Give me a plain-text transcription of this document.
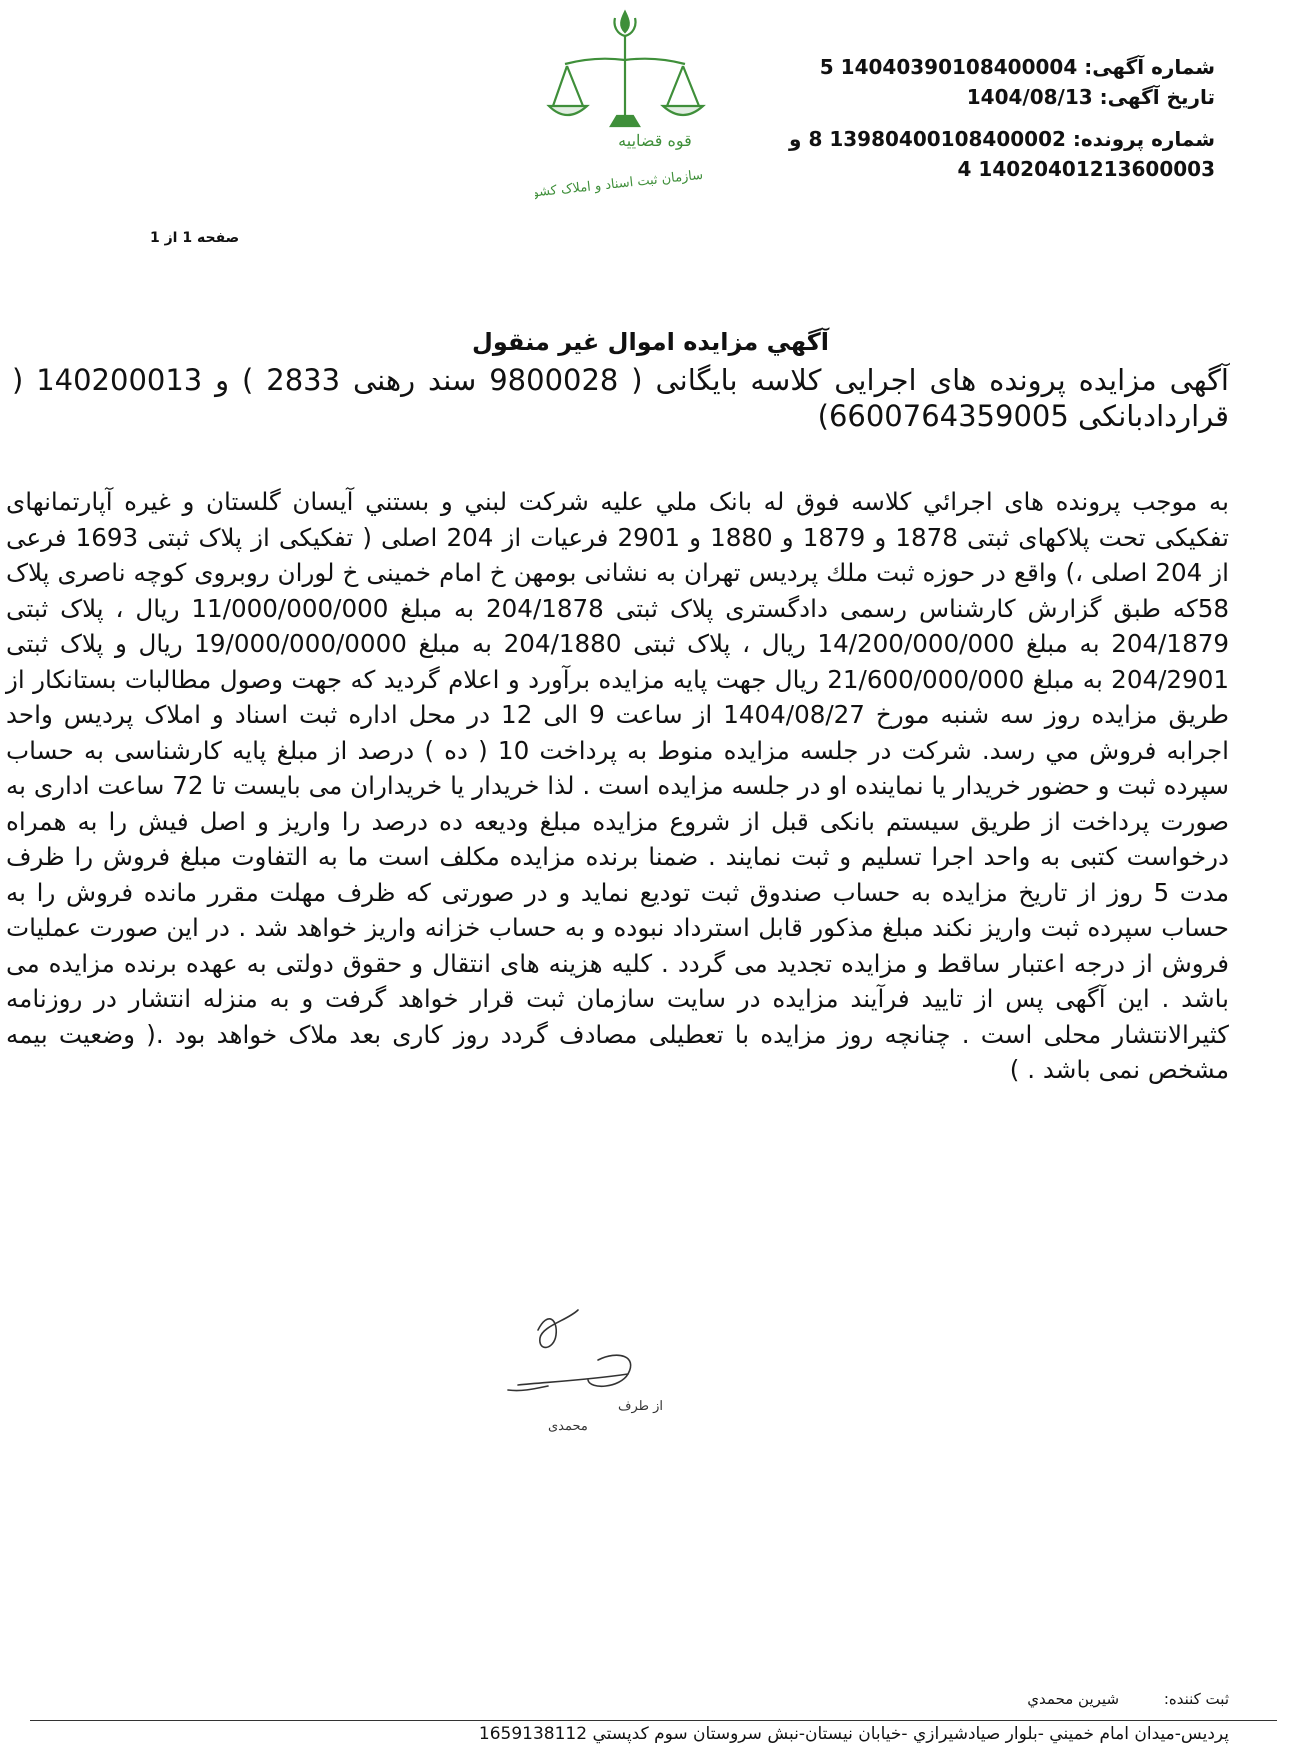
قوه قضاییه
سازمان ثبت اسناد و املاک کشور
شماره آگهی: 14040390108400004 5
تاریخ آگهی: 1404/08/13
شماره پرونده: 13980400108400002 8 و
14020401213600003 4
صفحه 1 از 1
آگهي مزايده اموال غير منقول
آگهی مزایده پرونده های اجرایی کلاسه بایگانی ( 9800028 سند رهنی 2833 ) و 140200013 ( قراردادبانکی 6600764359005)
به موجب پرونده های اجرائي کلاسه فوق له بانک ملي عليه شرکت لبني و بستني آيسان گلستان و غيره آپارتمانهای تفکیکی تحت پلاکهای ثبتی 1878 و 1879 و 1880 و 2901 فرعیات از 204 اصلی ( تفکیکی از پلاک ثبتی 1693 فرعی از 204 اصلی ،) واقع در حوزه ثبت ملك پرديس تهران به نشانی بومهن خ امام خمینی خ لوران روبروی کوچه ناصری پلاک 58که طبق گزارش کارشناس رسمی دادگستری پلاک ثبتی 204/1878 به مبلغ 11/000/000/000 ریال ، پلاک ثبتی 204/1879 به مبلغ 14/200/000/000 ریال ، پلاک ثبتی 204/1880 به مبلغ 19/000/000/0000 ریال و پلاک ثبتی 204/2901 به مبلغ 21/600/000/000 ریال جهت پایه مزایده برآورد و اعلام گردید که جهت وصول مطالبات بستانکار از طريق مزايده روز سه شنبه مورخ 1404/08/27 از ساعت 9 الی 12 در محل اداره ثبت اسناد و املاک پرديس واحد اجرابه فروش مي رسد. شرکت در جلسه مزایده منوط به پرداخت 10 ( ده ) درصد از مبلغ پایه کارشناسی به حساب سپرده ثبت و حضور خریدار یا نماینده او در جلسه مزایده است . لذا خریدار یا خریداران می بایست تا 72 ساعت اداری به صورت پرداخت از طریق سیستم بانکی قبل از شروع مزایده مبلغ ودیعه ده درصد را واریز و اصل فیش را به همراه درخواست کتبی به واحد اجرا تسلیم و ثبت نمایند . ضمنا برنده مزایده مکلف است ما به التفاوت مبلغ فروش را ظرف مدت 5 روز از تاریخ مزایده به حساب صندوق ثبت تودیع نماید و در صورتی که ظرف مهلت مقرر مانده فروش را به حساب سپرده ثبت واریز نکند مبلغ مذکور قابل استرداد نبوده و به حساب خزانه واریز خواهد شد . در این صورت عملیات فروش از درجه اعتبار ساقط و مزایده تجدید می گردد . کلیه هزینه های انتقال و حقوق دولتی به عهده برنده مزایده می باشد . این آگهی پس از تایید فرآیند مزایده در سایت سازمان ثبت قرار خواهد گرفت و به منزله انتشار در روزنامه کثیرالانتشار محلی است . چنانچه روز مزایده با تعطیلی مصادف گردد روز کاری بعد ملاک خواهد بود .( وضعیت بیمه مشخص نمی باشد . )
از طرف
محمدی
ثبت کننده: شيرين محمدي
پرديس-ميدان امام خميني -بلوار صيادشيرازي -خيابان نيستان-نبش سروستان سوم کدپستي 1659138112
